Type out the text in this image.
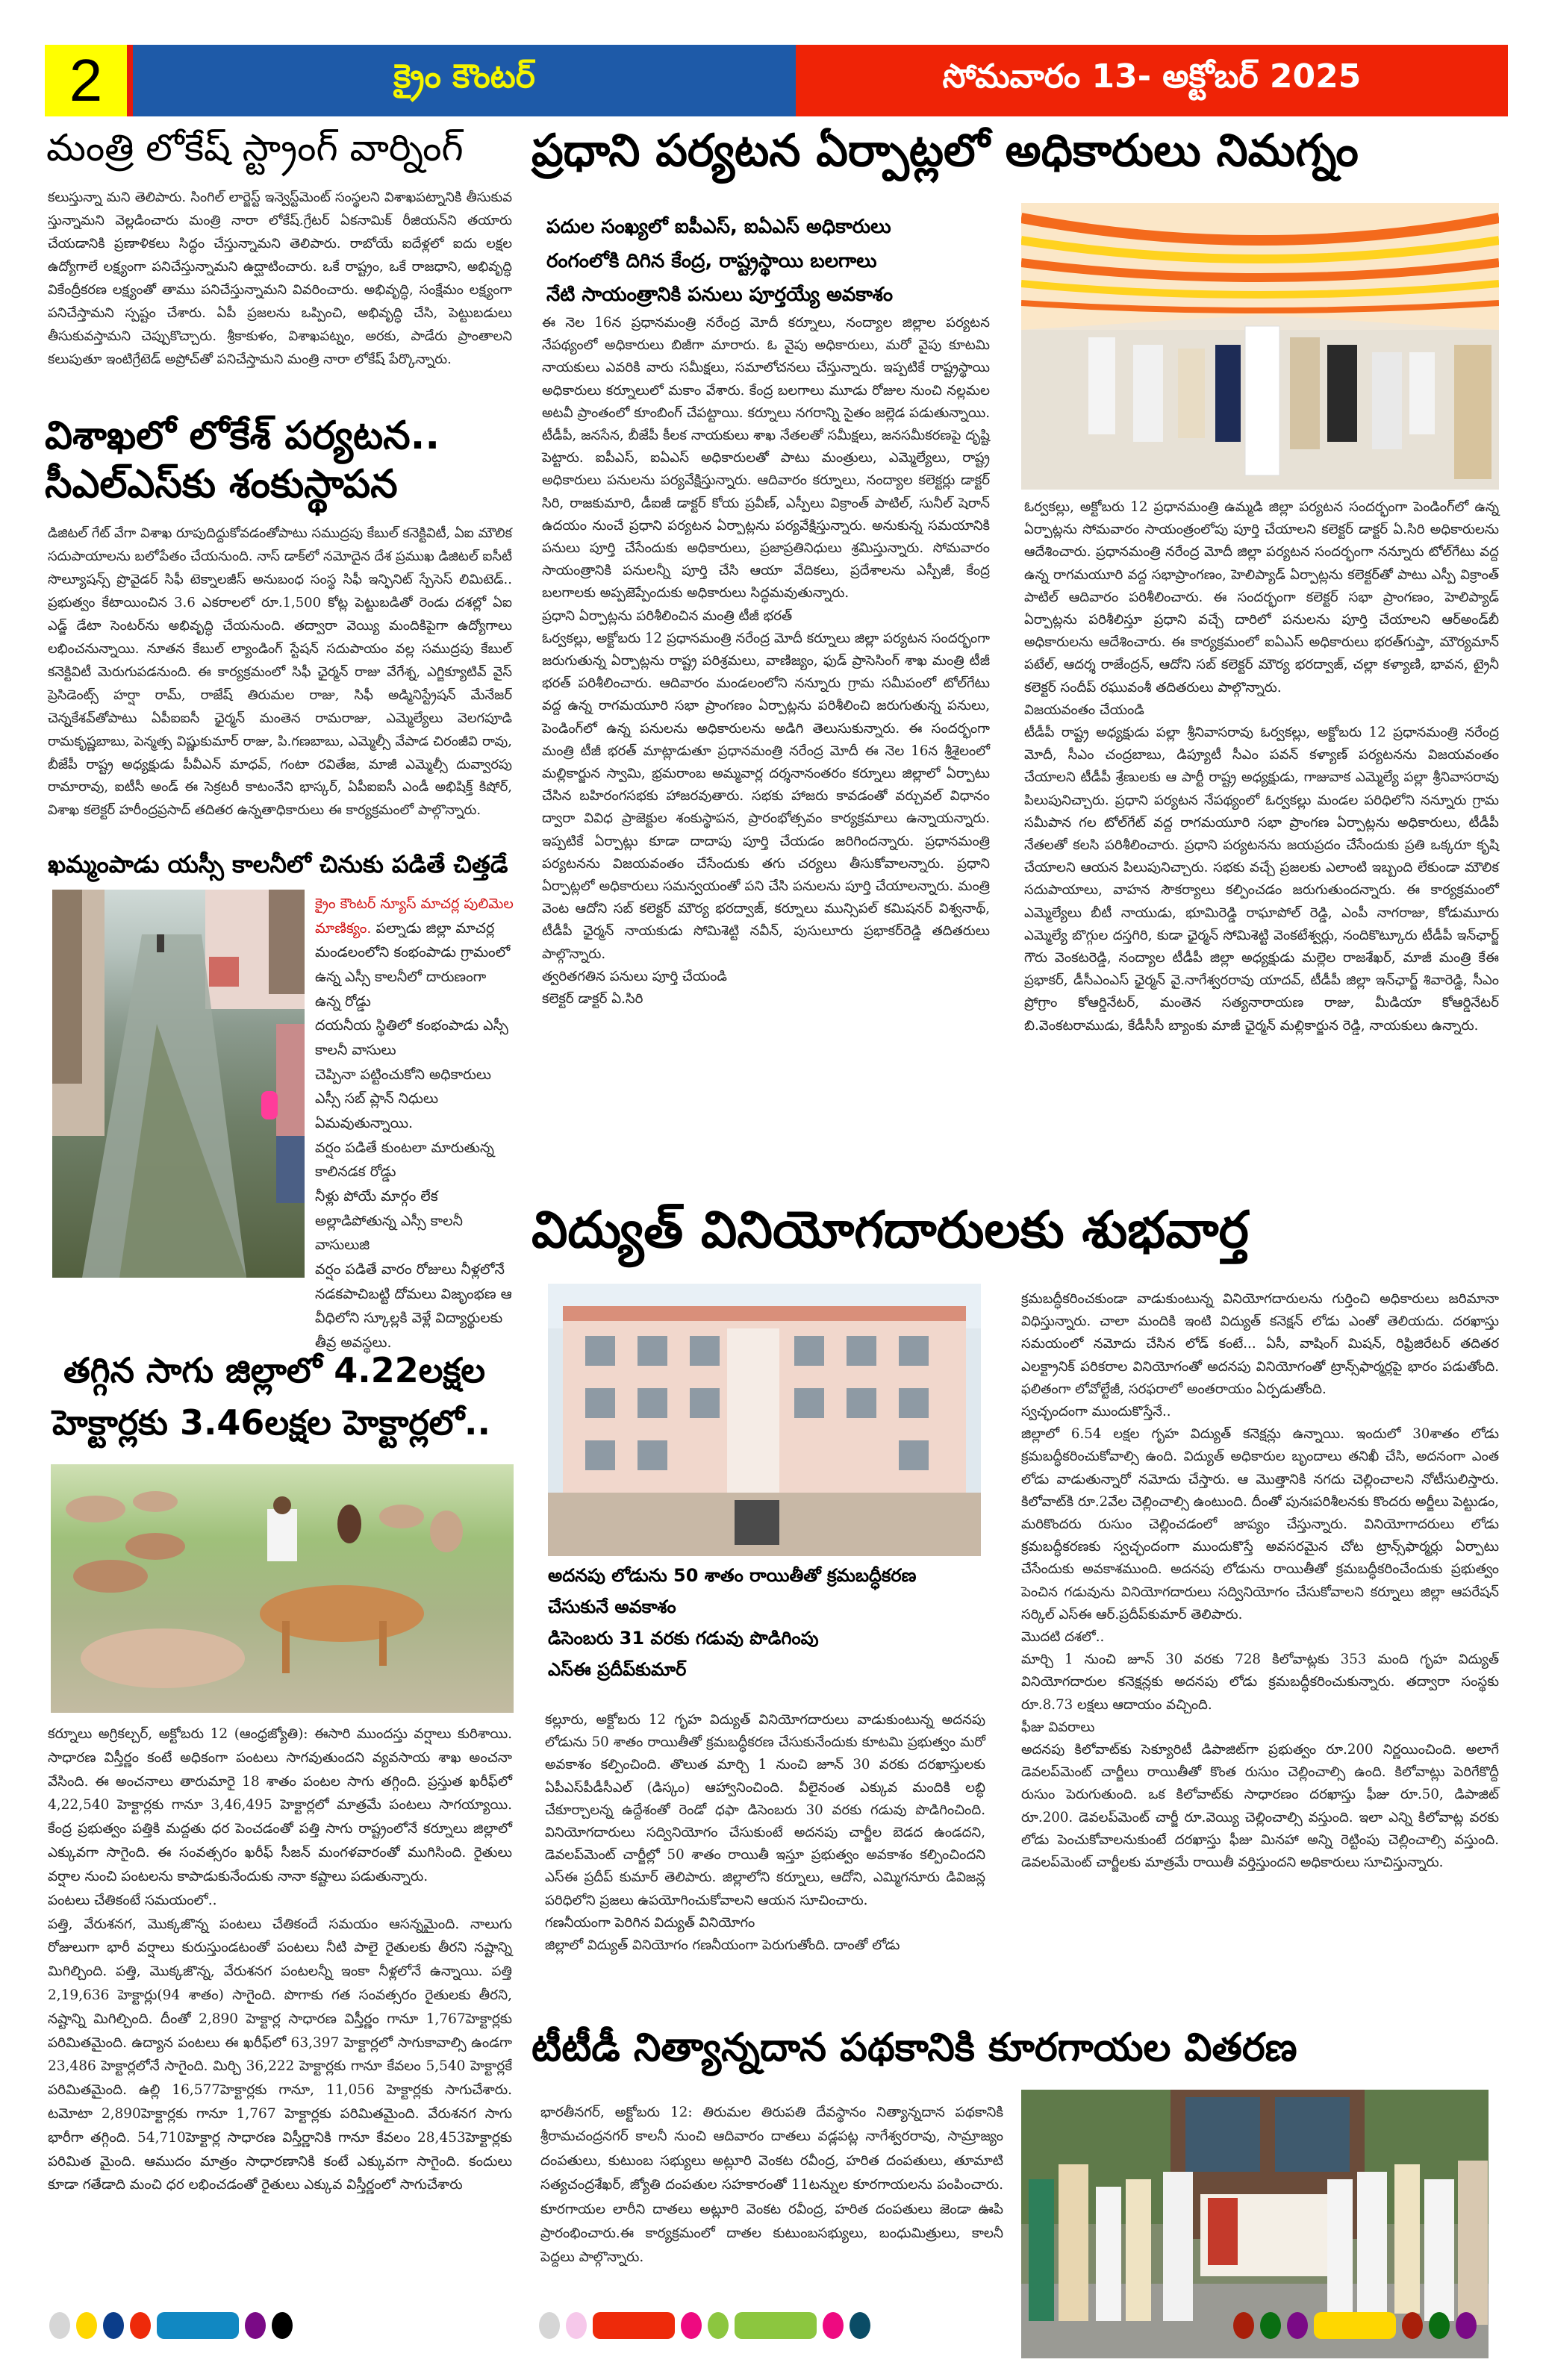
2	క్రైం కౌంటర్	సోమవారం 13- అక్టోబర్ 2025
మంత్రి లోకేష్ స్ట్రాంగ్ వార్నింగ్
కలుస్తున్నా మని తెలిపారు. సింగిల్ లార్జెస్ట్ ఇన్వెస్ట్‌మెంట్ సంస్థలని విశాఖపట్నానికి తీసుకువ స్తున్నామని వెల్లడించారు మంత్రి నారా లోకేష్.గ్రేటర్ ఏకనామిక్ రీజియన్‌ని తయారు చేయడానికి ప్రణాళికలు సిద్ధం చేస్తున్నామని తెలిపారు. రాబోయే ఐదేళ్లలో ఐదు లక్షల ఉద్యోగాలే లక్ష్యంగా పనిచేస్తున్నామని ఉద్ఘాటించారు. ఒకే రాష్ట్రం, ఒకే రాజధాని, అభివృద్ధి వికేంద్రీకరణ లక్ష్యంతో తాము పనిచేస్తున్నామని వివరించారు. అభివృద్ధి, సంక్షేమం లక్ష్యంగా పనిచేస్తామని స్పష్టం చేశారు. ఏపీ ప్రజలను ఒప్పించి, అభివృద్ధి చేసి, పెట్టుబడులు తీసుకువస్తామని చెప్పుకొచ్చారు. శ్రీకాకుళం, విశాఖపట్నం, అరకు, పాడేరు ప్రాంతాలని కలుపుతూ ఇంటిగ్రేటెడ్ అప్రోచ్‌తో పనిచేస్తామని మంత్రి నారా లోకేష్ పేర్కొన్నారు.
విశాఖలో లోకేశ్ పర్యటన..
సీఎల్ఎస్‌కు శంకుస్థాపన
డిజిటల్ గేట్ వేగా విశాఖ రూపుదిద్దుకోవడంతోపాటు సముద్రపు కేబుల్ కనెక్టివిటీ, ఏఐ మౌలిక సదుపాయాలను బలోపేతం చేయనుంది. నాస్ డాక్‌లో నమోదైన దేశ ప్రముఖ డిజిటల్ ఐసీటీ సొల్యూషన్స్ ప్రొవైడర్ సిఫీ టెక్నాలజీస్ అనుబంధ సంస్థ సిఫీ ఇన్ఫినిట్ స్పేసెస్ లిమిటెడ్.. ప్రభుత్వం కేటాయించిన 3.6 ఎకరాలలో రూ.1,500 కోట్ల పెట్టుబడితో రెండు దశల్లో ఏఐ ఎడ్జ్ డేటా సెంటర్‌ను అభివృద్ధి చేయనుంది. తద్వారా వెయ్యి మందికిపైగా ఉద్యోగాలు లభించనున్నాయి. నూతన కేబుల్ ల్యాండింగ్ స్టేషన్ సదుపాయం వల్ల సముద్రపు కేబుల్ కనెక్టివిటీ మెరుగుపడనుంది. ఈ కార్యక్రమంలో సిఫీ ఛైర్మన్ రాజు వేగేశ్న, ఎగ్జిక్యూటివ్ వైస్ ప్రెసిడెంట్స్ హర్షా రామ్, రాజేష్ తిరుమల రాజు, సిఫీ అడ్మినిస్ట్రేషన్ మేనేజర్ చెన్నకేశవ్‌తోపాటు ఏపీఐఐసీ ఛైర్మన్ మంతెన రామరాజు, ఎమ్మెల్యేలు వెలగపూడి రామకృష్ణబాబు, పెన్మత్స విష్ణుకుమార్ రాజు, పి.గణబాబు, ఎమ్మెల్సీ వేపాడ చిరంజీవి రావు, బీజేపీ రాష్ట్ర అధ్యక్షుడు పీవీఎన్ మాధవ్, గంటా రవితేజ, మాజీ ఎమ్మెల్సీ దువ్వారపు రామారావు, ఐటీసీ అండ్ ఈ సెక్రటరీ కాటంనేని భాస్కర్, ఏపీఐఐసీ ఎండీ అభిషిక్త్ కిషోర్, విశాఖ కలెక్టర్ హరీంద్రప్రసాద్ తదితర ఉన్నతాధికారులు ఈ కార్యక్రమంలో పాల్గొన్నారు.
ఖమ్మంపాడు యస్సీ కాలనీలో చినుకు పడితే చిత్తడే
క్రైం కౌంటర్ న్యూస్ మాచర్ల పులిమెల మాణిక్యం. పల్నాడు జిల్లా మాచర్ల మండలంలోని కంభంపాడు గ్రామంలో ఉన్న ఎస్సీ కాలనీలో దారుణంగా ఉన్న రోడ్డు

దయనీయ స్థితిలో కంభంపాడు ఎస్సీ కాలనీ వాసులు

చెప్పినా పట్టించుకోని అధికారులు

ఎస్సీ సబ్ ప్లాన్ నిధులు ఏమవుతున్నాయి.

వర్షం పడితే కుంటలా మారుతున్న కాలినడక రోడ్డు

నీళ్లు పోయే మార్గం లేక అల్లాడిపోతున్న ఎస్సీ కాలనీ వాసులుజి

వర్షం పడితే వారం రోజులు నీళ్లలోనే నడకపాచిబట్టి దోమలు విజృంభణ ఆ వీధిలోని స్కూల్లకి వెళ్లే విద్యార్థులకు తీవ్ర అవస్థలు.

తగ్గిన సాగు జిల్లాలో 4.22లక్షల
హెక్టార్లకు 3.46లక్షల హెక్టార్లలో..

కర్నూలు అగ్రికల్చర్, అక్టోబరు 12 (ఆంధ్రజ్యోతి): ఈసారి ముందస్తు వర్షాలు కురిశాయి. సాధారణ విస్తీర్ణం కంటే అధికంగా పంటలు సాగవుతుందని వ్యవసాయ శాఖ అంచనా వేసింది. ఈ అంచనాలు తారుమారై 18 శాతం పంటల సాగు తగ్గింది. ప్రస్తుత ఖరీఫ్‌లో 4,22,540 హెక్టార్లకు గానూ 3,46,495 హెక్టార్లలో మాత్రమే పంటలు సాగయ్యాయి. కేంద్ర ప్రభుత్వం పత్తికి మద్దతు ధర పెంచడంతో పత్తి సాగు రాష్ట్రంలోనే కర్నూలు జిల్లాలో ఎక్కువగా సాగైంది. ఈ సంవత్సరం ఖరీఫ్ సీజన్ మంగళవారంతో ముగిసింది. రైతులు వర్షాల నుంచి పంటలను కాపాడుకునేందుకు నానా కష్టాలు పడుతున్నారు.

పంటలు చేతికంటే సమయంలో..

పత్తి, వేరుశనగ, మొక్కజొన్న పంటలు చేతికందే సమయం ఆసన్నమైంది. నాలుగు రోజులుగా భారీ వర్షాలు కురుస్తుండటంతో పంటలు నీటి పాలై రైతులకు తీరని నష్టాన్ని మిగిల్చింది. పత్తి, మొక్కజొన్న, వేరుశనగ పంటలన్నీ ఇంకా నీళ్లలోనే ఉన్నాయి. పత్తి 2,19,636 హెక్టార్లు(94 శాతం) సాగైంది. పొగాకు గత సంవత్సరం రైతులకు తీరని, నష్టాన్ని మిగిల్చింది. దీంతో 2,890 హెక్టార్ల సాధారణ విస్తీర్ణం గానూ 1,767హెక్టార్లకు పరిమితమైంది. ఉద్యాన పంటలు ఈ ఖరీఫ్‌లో 63,397 హెక్టార్లలో సాగుకావాల్సి ఉండగా 23,486 హెక్టార్లలోనే సాగైంది. మిర్చి 36,222 హెక్టార్లకు గానూ కేవలం 5,540 హెక్టార్లకే పరిమితమైంది. ఉల్లి 16,577హెక్టార్లకు గానూ, 11,056 హెక్టార్లకు సాగుచేశారు. టమోటా 2,890హెక్టార్లకు గానూ 1,767 హెక్టార్లకు పరిమితమైంది. వేరుశనగ సాగు భారీగా తగ్గింది. 54,710హెక్టార్ల సాధారణ విస్తీర్ణానికి గానూ కేవలం 28,453హెక్టార్లకు పరిమిత మైంది. ఆముదం మాత్రం సాధారణానికి కంటే ఎక్కువగా సాగైంది. కందులు కూడా గతేడాది మంచి ధర లభించడంతో రైతులు ఎక్కువ విస్తీర్ణంలో సాగుచేశారు

ప్రధాని పర్యటన ఏర్పాట్లలో అధికారులు నిమగ్నం

పదుల సంఖ్యలో ఐపీఎస్, ఐఏఎస్ అధికారులు

రంగంలోకి దిగిన కేంద్ర, రాష్ట్రస్థాయి బలగాలు

నేటి సాయంత్రానికి పనులు పూర్తయ్యే అవకాశం

ఈ నెల 16న ప్రధానమంత్రి నరేంద్ర మోదీ కర్నూలు, నంద్యాల జిల్లాల పర్యటన నేపథ్యంలో అధికారులు బిజీగా మారారు. ఓ వైపు అధికారులు, మరో వైపు కూటమి నాయకులు ఎవరికి వారు సమీక్షలు, సమాలోచనలు చేస్తున్నారు. ఇప్పటికే రాష్ట్రస్థాయి అధికారులు కర్నూలులో మకాం వేశారు. కేంద్ర బలగాలు మూడు రోజుల నుంచి నల్లమల అటవీ ప్రాంతంలో కూంబింగ్ చేపట్టాయి. కర్నూలు నగరాన్ని సైతం జల్లెడ పడుతున్నాయి. టీడీపీ, జనసేన, బీజేపీ కీలక నాయకులు శాఖ నేతలతో సమీక్షలు, జనసమీకరణపై దృష్టి పెట్టారు. ఐపీఎస్, ఐఏఎస్ అధికారులతో పాటు మంత్రులు, ఎమ్మెల్యేలు, రాష్ట్ర అధికారులు పనులను పర్యవేక్షిస్తున్నారు. ఆదివారం కర్నూలు, నంద్యాల కలెక్టర్లు డాక్టర్ సిరి, రాజకుమారి, డీఐజీ డాక్టర్ కోయ ప్రవీణ్, ఎస్పీలు విక్రాంత్ పాటిల్, సునీల్ షెరాన్ ఉదయం నుంచే ప్రధాని పర్యటన ఏర్పాట్లను పర్యవేక్షిస్తున్నారు. అనుకున్న సమయానికి పనులు పూర్తి చేసేందుకు అధికారులు, ప్రజాప్రతినిధులు శ్రమిస్తున్నారు. సోమవారం సాయంత్రానికి పనులన్నీ పూర్తి చేసి ఆయా వేదికలు, ప్రదేశాలను ఎస్పీజీ, కేంద్ర బలగాలకు అప్పజెప్పేందుకు అధికారులు సిద్ధమవుతున్నారు.

ప్రధాని ఏర్పాట్లను పరిశీలించిన మంత్రి టీజీ భరత్

ఓర్వకల్లు, అక్టోబరు 12 ప్రధానమంత్రి నరేంద్ర మోదీ కర్నూలు జిల్లా పర్యటన సందర్భంగా జరుగుతున్న ఏర్పాట్లను రాష్ట్ర పరిశ్రమలు, వాణిజ్యం, ఫుడ్ ప్రాసెసింగ్ శాఖ మంత్రి టీజీ భరత్ పరిశీలించారు. ఆదివారం మండలంలోని నన్నూరు గ్రామ సమీపంలో టోల్‌గేటు వద్ద ఉన్న రాగమయూరి సభా ప్రాంగణం ఏర్పాట్లను పరిశీలించి జరుగుతున్న పనులు, పెండింగ్‌లో ఉన్న పనులను అధికారులను అడిగి తెలుసుకున్నారు. ఈ సందర్భంగా మంత్రి టీజీ భరత్ మాట్లాడుతూ ప్రధానమంత్రి నరేంద్ర మోదీ ఈ నెల 16న శ్రీశైలంలో మల్లికార్జున స్వామి, భ్రమరాంబ అమ్మవార్ల దర్శనానంతరం కర్నూలు జిల్లాలో ఏర్పాటు చేసిన బహిరంగసభకు హాజరవుతారు. సభకు హాజరు కావడంతో వర్చువల్ విధానం ద్వారా వివిధ ప్రాజెక్టుల శంకుస్థాపన, ప్రారంభోత్సవం కార్యక్రమాలు ఉన్నాయన్నారు. ఇప్పటికే ఏర్పాట్లు కూడా దాదాపు పూర్తి చేయడం జరిగిందన్నారు. ప్రధానమంత్రి పర్యటనను విజయవంతం చేసేందుకు తగు చర్యలు తీసుకోవాలన్నారు. ప్రధాని ఏర్పాట్లలో అధికారులు సమన్వయంతో పని చేసి పనులను పూర్తి చేయాలన్నారు. మంత్రి వెంట ఆదోని సబ్ కలెక్టర్ మౌర్య భరద్వాజ్, కర్నూలు మున్సిపల్ కమిషనర్ విశ్వనాథ్, టీడీపీ ఛైర్మన్ నాయకుడు సోమిశెట్టి నవీన్, పుసులూరు ప్రభాకర్‌రెడ్డి తదితరులు పాల్గొన్నారు.

త్వరితగతిన పనులు పూర్తి చేయండి

కలెక్టర్ డాక్టర్ ఏ.సిరి

ఓర్వకల్లు, అక్టోబరు 12 ప్రధానమంత్రి ఉమ్మడి జిల్లా పర్యటన సందర్భంగా పెండింగ్‌లో ఉన్న ఏర్పాట్లను సోమవారం సాయంత్రంలోపు పూర్తి చేయాలని కలెక్టర్ డాక్టర్ ఏ.సిరి అధికారులను ఆదేశించారు. ప్రధానమంత్రి నరేంద్ర మోదీ జిల్లా పర్యటన సందర్భంగా నన్నూరు టోల్‌గేటు వద్ద ఉన్న రాగమయూరి వద్ద సభాప్రాంగణం, హెలిప్యాడ్ ఏర్పాట్లను కలెక్టర్‌తో పాటు ఎస్పీ విక్రాంత్ పాటిల్ ఆదివారం పరిశీలించారు. ఈ సందర్భంగా కలెక్టర్ సభా ప్రాంగణం, హెలిప్యాడ్ ఏర్పాట్లను పరిశీలిస్తూ ప్రధాని వచ్చే దారిలో పనులను పూర్తి చేయాలని ఆర్అండ్‌బీ అధికారులను ఆదేశించారు. ఈ కార్యక్రమంలో ఐఏఎస్ అధికారులు భరత్‌గుప్తా, మౌర్యమాన్ పటేల్, ఆదర్శ రాజేంద్రన్, ఆదోని సబ్ కలెక్టర్ మౌర్య భరద్వాజ్, చల్లా కళ్యాణి, భావన, ట్రైనీ కలెక్టర్ సందీప్ రఘువంశీ తదితరులు పాల్గొన్నారు.

విజయవంతం చేయండి

టీడీపీ రాష్ట్ర అధ్యక్షుడు పల్లా శ్రీనివాసరావు ఓర్వకల్లు, అక్టోబరు 12 ప్రధానమంత్రి నరేంద్ర మోదీ, సీఎం చంద్రబాబు, డిప్యూటీ సీఎం పవన్ కళ్యాణ్ పర్యటనను విజయవంతం చేయాలని టీడీపీ శ్రేణులకు ఆ పార్టీ రాష్ట్ర అధ్యక్షుడు, గాజువాక ఎమ్మెల్యే పల్లా శ్రీనివాసరావు పిలుపునిచ్చారు. ప్రధాని పర్యటన నేపథ్యంలో ఓర్వకల్లు మండల పరిధిలోని నన్నూరు గ్రామ సమీపాన గల టోల్‌గేట్ వద్ద రాగమయూరి సభా ప్రాంగణ ఏర్పాట్లను అధికారులు, టీడీపీ నేతలతో కలసి పరిశీలించారు. ప్రధాని పర్యటనను జయప్రదం చేసేందుకు ప్రతి ఒక్కరూ కృషి చేయాలని ఆయన పిలుపునిచ్చారు. సభకు వచ్చే ప్రజలకు ఎలాంటి ఇబ్బంది లేకుండా మౌలిక సదుపాయాలు, వాహన సౌకర్యాలు కల్పించడం జరుగుతుందన్నారు. ఈ కార్యక్రమంలో ఎమ్మెల్యేలు బీటీ నాయుడు, భూమిరెడ్డి రాఘాపోల్ రెడ్డి, ఎంపీ నాగరాజు, కోడుమూరు ఎమ్మెల్యే బొగ్గుల దస్తగిరి, కుడా ఛైర్మన్ సోమిశెట్టి వెంకటేశ్వర్లు, నందికొట్కూరు టీడీపీ ఇన్‌ఛార్జ్ గౌరు వెంకటరెడ్డి, నంద్యాల టీడీపీ జిల్లా అధ్యక్షుడు మల్లెల రాజశేఖర్, మాజీ మంత్రి కేఈ ప్రభాకర్, డీసీఎంఎస్ ఛైర్మన్ వై.నాగేశ్వరరావు యాదవ్, టీడీపీ జిల్లా ఇన్‌ఛార్జ్ శివారెడ్డి, సీఎం ప్రోగ్రాం కోఆర్డినేటర్, మంతెన సత్యనారాయణ రాజు, మీడియా కోఆర్డినేటర్ బి.వెంకటరాముడు, కేడీసీసీ బ్యాంకు మాజీ ఛైర్మన్ మల్లికార్జున రెడ్డి, నాయకులు ఉన్నారు.

విద్యుత్ వినియోగదారులకు శుభవార్త

అదనపు లోడును 50 శాతం రాయితీతో క్రమబద్ధీకరణ చేసుకునే అవకాశం

డిసెంబరు 31 వరకు గడువు పొడిగింపు

ఎస్ఈ ప్రదీప్‌కుమార్

కల్లూరు, అక్టోబరు 12 గృహ విద్యుత్ వినియోగదారులు వాడుకుంటున్న అదనపు లోడును 50 శాతం రాయితీతో క్రమబద్ధీకరణ చేసుకునేందుకు కూటమి ప్రభుత్వం మరో అవకాశం కల్పించింది. తొలుత మార్చి 1 నుంచి జూన్ 30 వరకు దరఖాస్తులకు ఏపీఎస్‌పీడీసీఎల్ (డిస్కం) ఆహ్వానించింది. వీలైనంత ఎక్కువ మందికి లబ్ధి చేకూర్చాలన్న ఉద్దేశంతో రెండో ధఫా డిసెంబరు 30 వరకు గడువు పొడిగించింది. వినియోగదారులు సద్వినియోగం చేసుకుంటే అదనపు చార్జీల బెడద ఉండదని, డెవలప్‌మెంట్ చార్జీల్లో 50 శాతం రాయితీ ఇస్తూ ప్రభుత్వం అవకాశం కల్పించిందని ఎస్ఈ ప్రదీప్ కుమార్ తెలిపారు. జిల్లాలోని కర్నూలు, ఆదోని, ఎమ్మిగనూరు డివిజన్ల పరిధిలోని ప్రజలు ఉపయోగించుకోవాలని ఆయన సూచించారు.

గణనీయంగా పెరిగిన విద్యుత్ వినియోగం

జిల్లాలో విద్యుత్ వినియోగం గణనీయంగా పెరుగుతోంది. దాంతో లోడు

క్రమబద్ధీకరించకుండా వాడుకుంటున్న వినియోగదారులను గుర్తించి అధికారులు జరిమానా విధిస్తున్నారు. చాలా మందికి ఇంటి విద్యుత్ కనెక్షన్ లోడు ఎంతో తెలియదు. దరఖాస్తు సమయంలో నమోదు చేసిన లోడ్ కంటే... ఏసీ, వాషింగ్ మిషన్, రిఫ్రిజిరేటర్ తదితర ఎలక్ట్రానిక్ పరికరాల వినియోగంతో అదనపు వినియోగంతో ట్రాన్స్‌ఫార్మర్లపై భారం పడుతోంది. ఫలితంగా లోవోల్టేజీ, సరఫరాలో అంతరాయం ఏర్పడుతోంది.

స్వచ్ఛందంగా ముందుకొస్తేనే..

జిల్లాలో 6.54 లక్షల గృహ విద్యుత్ కనెక్షన్లు ఉన్నాయి. ఇందులో 30శాతం లోడు క్రమబద్ధీకరించుకోవాల్సి ఉంది. విద్యుత్ అధికారుల బృందాలు తనిఖీ చేసి, అదనంగా ఎంత లోడు వాడుతున్నారో నమోదు చేస్తారు. ఆ మొత్తానికి నగదు చెల్లించాలని నోటీసులిస్తారు. కిలోవాట్‌కి రూ.2వేల చెల్లించాల్సి ఉంటుంది. దీంతో పునఃపరిశీలనకు కొందరు అర్జీలు పెట్టుడం, మరికొందరు రుసుం చెల్లించడంలో జాప్యం చేస్తున్నారు. వినియోగాదరులు లోడు క్రమబద్ధీకరణకు స్వచ్ఛందంగా ముందుకొస్తే అవసరమైన చోట ట్రాన్స్‌ఫార్మర్లు ఏర్పాటు చేసేందుకు అవకాశముంది. అదనపు లోడును రాయితీతో క్రమబద్ధీకరించేందుకు ప్రభుత్వం పెంచిన గడువును వినియోగదారులు సద్వినియోగం చేసుకోవాలని కర్నూలు జిల్లా ఆపరేషన్ సర్కిల్ ఎస్ఈ ఆర్.ప్రదీప్‌కుమార్ తెలిపారు.

మొదటి దశలో..

మార్చి 1 నుంచి జూన్ 30 వరకు 728 కిలోవాట్లకు 353 మంది గృహ విద్యుత్ వినియోగదారుల కనెక్షన్లకు అదనపు లోడు క్రమబద్ధీకరించుకున్నారు. తద్వారా సంస్థకు రూ.8.73 లక్షలు ఆదాయం వచ్చింది.

ఫీజు వివరాలు

అదనపు కిలోవాట్‌కు సెక్యూరిటీ డిపాజిట్‌గా ప్రభుత్వం రూ.200 నిర్ణయించింది. అలాగే డెవలప్‌మెంట్ చార్జీలు రాయితీతో కొంత రుసుం చెల్లించాల్సి ఉంది. కిలోవాట్లు పెరిగేకొద్దీ రుసుం పెరుగుతుంది. ఒక కిలోవాట్‌కు సాధారణం దరఖాస్తు ఫీజు రూ.50, డిపాజిట్ రూ.200. డెవలప్‌మెంట్ చార్జీ రూ.వెయ్యి చెల్లించాల్సి వస్తుంది. ఇలా ఎన్ని కిలోవాట్ల వరకు లోడు పెంచుకోవాలనుకుంటే దరఖాస్తు ఫీజు మినహా అన్ని రెట్టింపు చెల్లించాల్సి వస్తుంది. డెవలప్‌మెంట్ చార్జీలకు మాత్రమే రాయితీ వర్తిస్తుందని అధికారులు సూచిస్తున్నారు.

టీటీడీ నిత్యాన్నదాన పథకానికి కూరగాయల వితరణ
భారతీనగర్, అక్టోబరు 12: తిరుమల తిరుపతి దేవస్థానం నిత్యాన్నదాన పథకానికి శ్రీరామచంద్రనగర్ కాలనీ నుంచి ఆదివారం దాతలు వడ్లపట్ల నాగేశ్వరరావు, సామ్రాజ్యం దంపతులు, కుటుంబ సభ్యులు అట్లూరి వెంకట రవీంద్ర, హరిత దంపతులు, తూమాటి సత్యచంద్రశేఖర్, జ్యోతి దంపతుల సహకారంతో 11టన్నుల కూరగాయలను పంపించారు. కూరగాయల లారీని దాతలు అట్లూరి వెంకట రవీంద్ర, హరిత దంపతులు జెండా ఊపి ప్రారంభించారు.ఈ కార్యక్రమంలో దాతల కుటుంబసభ్యులు, బంధుమిత్రులు, కాలనీ పెద్దలు పాల్గొన్నారు.
